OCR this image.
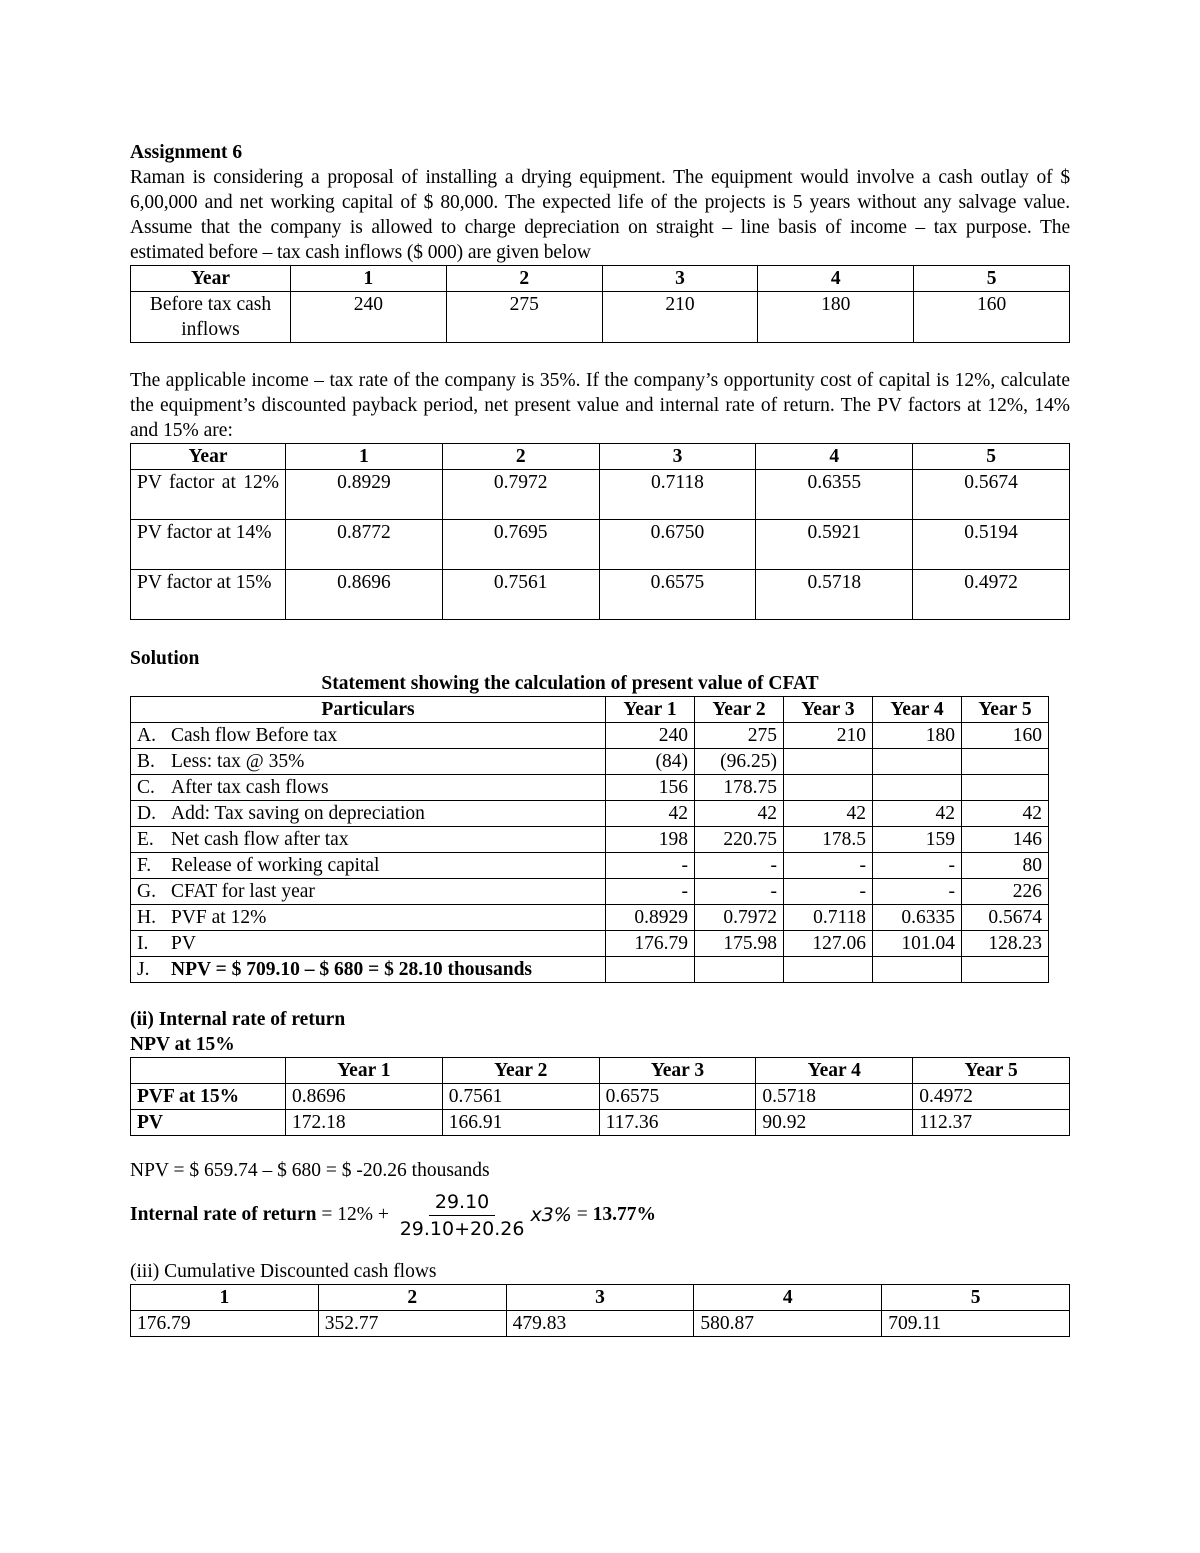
Assignment 6

Raman is considering a proposal of installing a drying equipment. The equipment would involve a cash outlay of $ 6,00,000 and net working capital of $ 80,000. The expected life of the projects is 5 years without any salvage value. Assume that the company is allowed to charge depreciation on straight – line basis of income – tax purpose. The estimated before – tax cash inflows ($ 000) are given below

Year	1	2	3	4	5
Before tax cash inflows	240	275	210	180	160

The applicable income – tax rate of the company is 35%. If the company’s opportunity cost of capital is 12%, calculate the equipment’s discounted payback period, net present value and internal rate of return. The PV factors at 12%, 14% and 15% are:

Year	1	2	3	4	5
PV factor at 12%	0.8929	0.7972	0.7118	0.6355	0.5674
PV factor at 14%	0.8772	0.7695	0.6750	0.5921	0.5194
PV factor at 15%	0.8696	0.7561	0.6575	0.5718	0.4972

Solution

Statement showing the calculation of present value of CFAT

Particulars	Year 1	Year 2	Year 3	Year 4	Year 5
A. Cash flow Before tax	240	275	210	180	160
B. Less: tax @ 35%	(84)	(96.25)			
C. After tax cash flows	156	178.75			
D. Add: Tax saving on depreciation	42	42	42	42	42
E. Net cash flow after tax	198	220.75	178.5	159	146
F. Release of working capital	-	-	-	-	80
G. CFAT for last year	-	-	-	-	226
H. PVF at 12%	0.8929	0.7972	0.7118	0.6335	0.5674
I. PV	176.79	175.98	127.06	101.04	128.23
J. NPV = $ 709.10 – $ 680 = $ 28.10 thousands					

(ii) Internal rate of return

NPV at 15%

	Year 1	Year 2	Year 3	Year 4	Year 5
PVF at 15%	0.8696	0.7561	0.6575	0.5718	0.4972
PV	172.18	166.91	117.36	90.92	112.37

NPV = $ 659.74 – $ 680 = $ -20.26 thousands

Internal rate of return = $12\% + \frac{29.10}{29.10+20.26} x3\% = 13.77\%$

(iii) Cumulative Discounted cash flows

1	2	3	4	5
176.79	352.77	479.83	580.87	709.11
